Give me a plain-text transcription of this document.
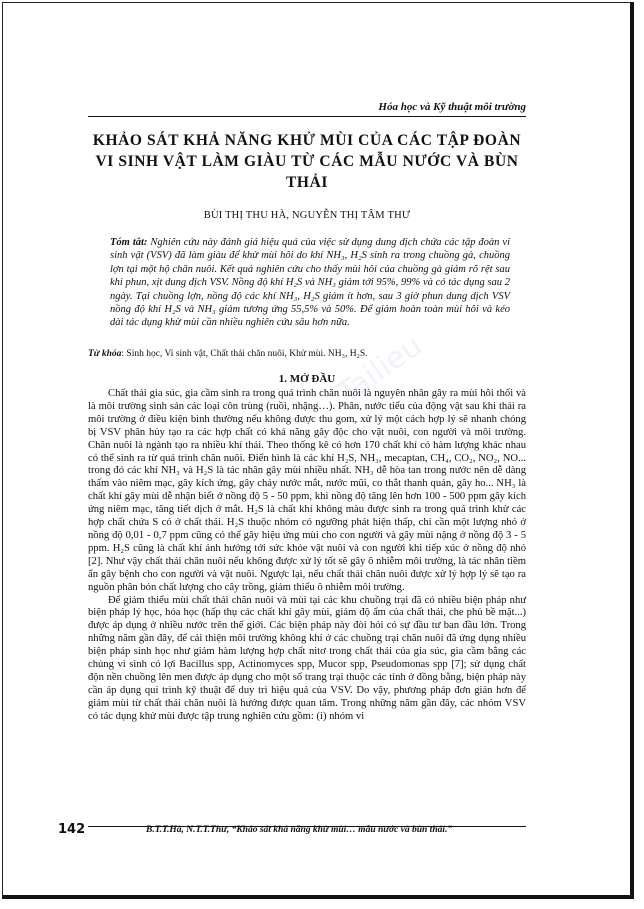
Hóa học và Kỹ thuật môi trường
KHẢO SÁT KHẢ NĂNG KHỬ MÙI CỦA CÁC TẬP ĐOÀN VI SINH VẬT LÀM GIÀU TỪ CÁC MẪU NƯỚC VÀ BÙN THẢI
BÙI THỊ THU HÀ, NGUYỄN THỊ TÂM THƯ
Tóm tắt: Nghiên cứu này đánh giá hiệu quả của việc sử dụng dung dịch chứa các tập đoàn vi sinh vật (VSV) đã làm giàu để khử mùi hôi do khí NH₃, H₂S sinh ra trong chuồng gà, chuồng lợn tại một hộ chăn nuôi. Kết quả nghiên cứu cho thấy mùi hôi của chuồng gà giảm rõ rệt sau khi phun, xịt dung dịch VSV. Nồng độ khí H₂S và NH₃ giảm tới 95%, 99% và có tác dụng sau 2 ngày. Tại chuồng lợn, nồng độ các khí NH₃, H₂S giảm ít hơn, sau 3 giờ phun dung dịch VSV nồng độ khí H₂S và NH₃ giảm tương ứng 55,5% và 50%. Để giảm hoàn toàn mùi hôi và kéo dài tác dụng khử mùi cần nhiều nghiên cứu sâu hơn nữa.
Từ khóa: Sinh học, Vi sinh vật, Chất thải chăn nuôi, Khử mùi. NH₃, H₂S.
Tailieu
1. MỞ ĐẦU

Chất thải gia súc, gia cầm sinh ra trong quá trình chăn nuôi là nguyên nhân gây ra mùi hôi thối và là môi trường sinh sản các loại côn trùng (ruồi, nhặng…). Phân, nước tiểu của động vật sau khi thải ra môi trường ở điều kiện bình thường nếu không được thu gom, xử lý một cách hợp lý sẽ nhanh chóng bị VSV phân hủy tạo ra các hợp chất có khả năng gây độc cho vật nuôi, con người và môi trường. Chăn nuôi là ngành tạo ra nhiều khí thải. Theo thống kê có hơn 170 chất khí có hàm lượng khác nhau có thể sinh ra từ quá trình chăn nuôi. Điển hình là các khí H₂S, NH₃, mecaptan, CH₄, CO₂, NO₂, NO... trong đó các khí NH₃ và H₂S là tác nhân gây mùi nhiều nhất. NH₃ dễ hòa tan trong nước nên dễ dàng thấm vào niêm mạc, gây kích ứng, gây chảy nước mắt, nước mũi, co thắt thanh quản, gây ho... NH₃ là chất khí gây mùi dễ nhận biết ở nồng độ 5 - 50 ppm, khi nồng độ tăng lên hơn 100 - 500 ppm gây kích ứng niêm mạc, tăng tiết dịch ở mắt. H₂S là chất khí không màu được sinh ra trong quá trình khử các hợp chất chứa S có ở chất thải. H₂S thuộc nhóm có ngưỡng phát hiện thấp, chỉ cần một lượng nhỏ ở nồng độ 0,01 - 0,7 ppm cũng có thể gây hiệu ứng mùi cho con người và gây mùi nặng ở nồng độ 3 - 5 ppm. H₂S cũng là chất khí ảnh hưởng tới sức khỏe vật nuôi và con người khi tiếp xúc ở nồng độ nhỏ [2]. Như vậy chất thải chăn nuôi nếu không được xử lý tốt sẽ gây ô nhiễm môi trường, là tác nhân tiềm ẩn gây bệnh cho con người và vật nuôi. Ngược lại, nếu chất thải chăn nuôi được xử lý hợp lý sẽ tạo ra nguồn phân bón chất lượng cho cây trồng, giảm thiểu ô nhiễm môi trường.

Để giảm thiểu mùi chất thải chăn nuôi và mùi tại các khu chuồng trại đã có nhiều biện pháp như biện pháp lý học, hóa học (hấp thụ các chất khí gây mùi, giảm độ ẩm của chất thải, che phủ bề mặt...) được áp dụng ở nhiều nước trên thế giới. Các biện pháp này đòi hỏi có sự đầu tư ban đầu lớn. Trong những năm gần đây, để cải thiện môi trường không khí ở các chuồng trại chăn nuôi đã ứng dụng nhiều biện pháp sinh học như giảm hàm lượng hợp chất nitơ trong chất thải của gia súc, gia cầm bằng các chủng vi sinh có lợi Bacillus spp, Actinomyces spp, Mucor spp, Pseudomonas spp [7]; sử dụng chất độn nền chuồng lên men được áp dụng cho một số trang trại thuộc các tỉnh ở đồng bằng, biện pháp này cần áp dụng qui trình kỹ thuật để duy trì hiệu quả của VSV. Do vậy, phương pháp đơn giản hơn để giảm mùi từ chất thải chăn nuôi là hướng được quan tâm. Trong những năm gần đây, các nhóm VSV có tác dụng khử mùi được tập trung nghiên cứu gồm: (i) nhóm vi

142	B.T.T.Hà, N.T.T.Thư, “Khảo sát khả năng khử mùi… mẫu nước và bùn thải.”
